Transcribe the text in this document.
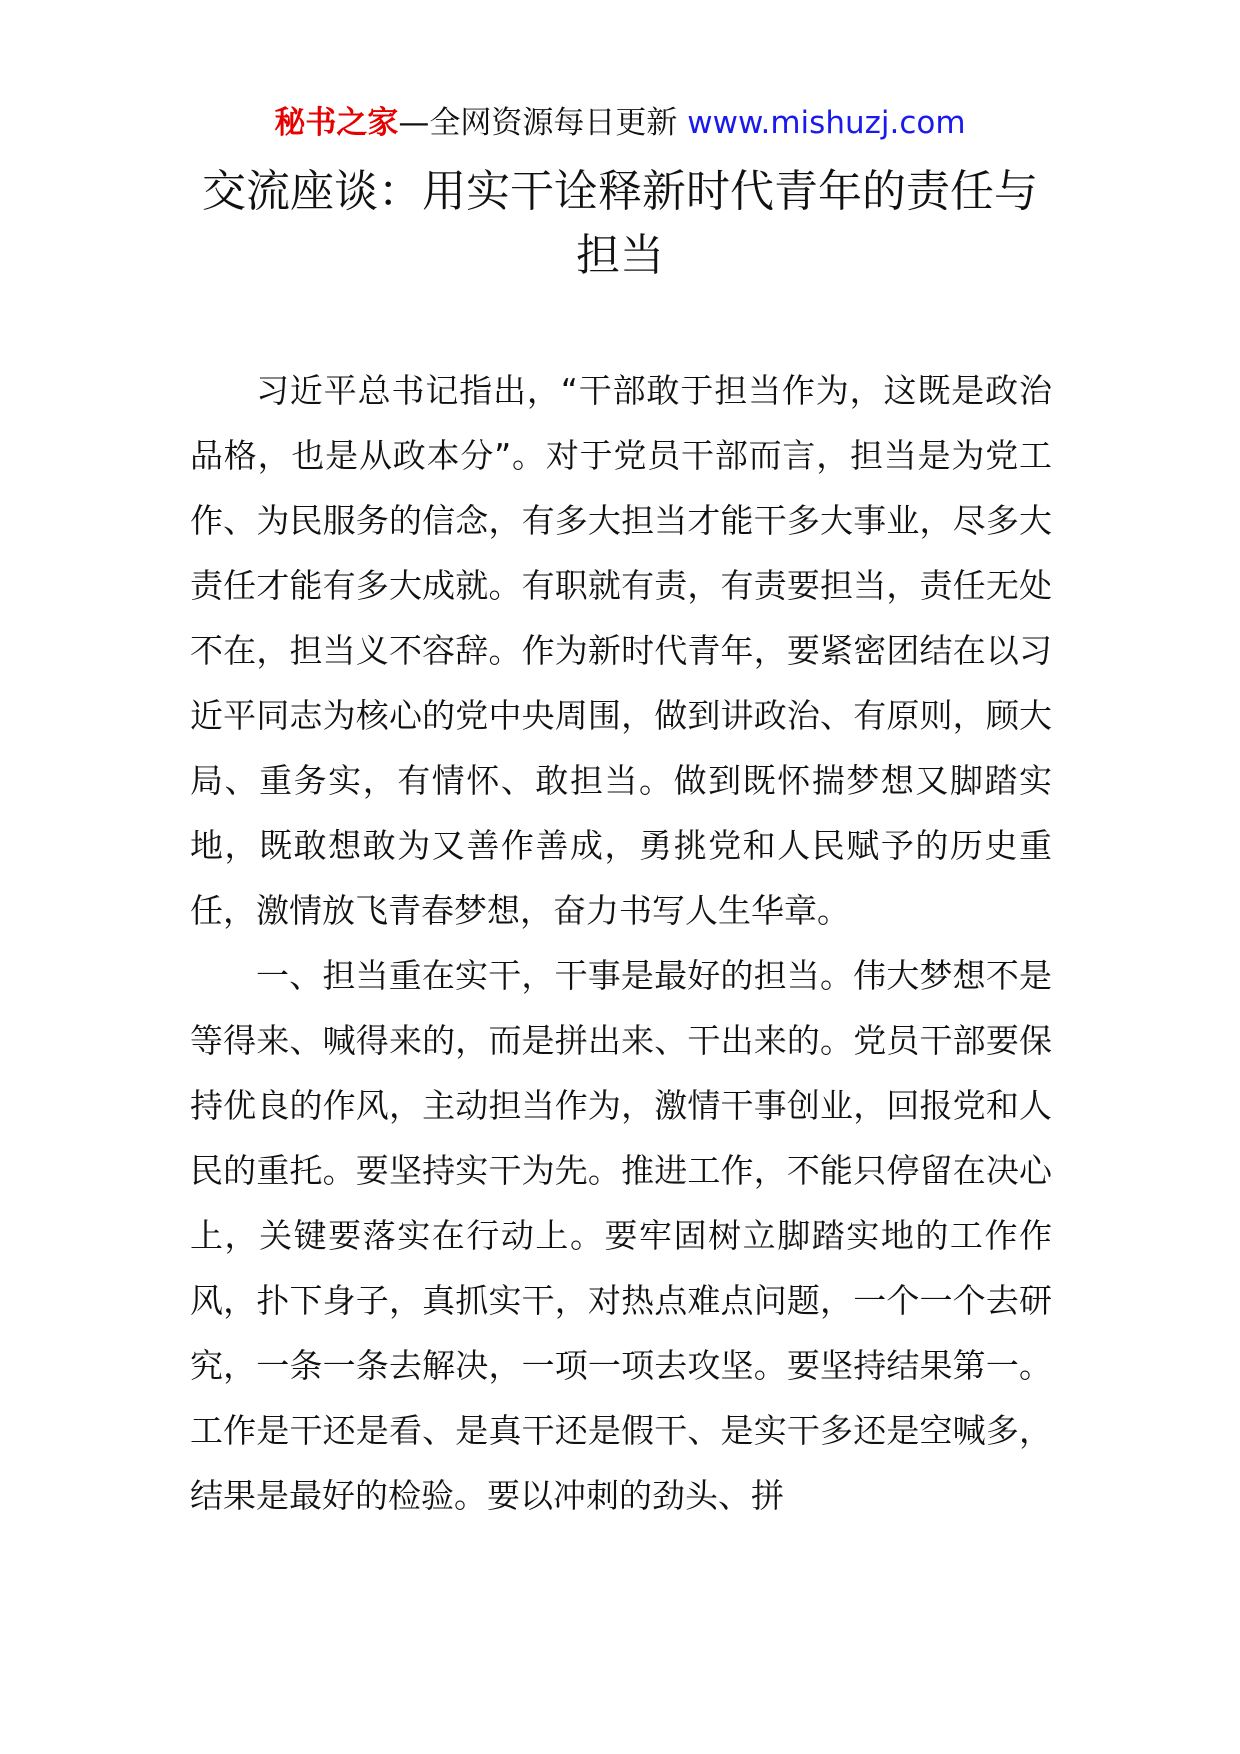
秘书之家—全网资源每日更新 www.mishuzj.com
交流座谈：用实干诠释新时代青年的责任与担当

习近平总书记指出，“干部敢于担当作为，这既是政治品格，也是从政本分”。对于党员干部而言，担当是为党工作、为民服务的信念，有多大担当才能干多大事业，尽多大责任才能有多大成就。有职就有责，有责要担当，责任无处不在，担当义不容辞。作为新时代青年，要紧密团结在以习近平同志为核心的党中央周围，做到讲政治、有原则，顾大局、重务实，有情怀、敢担当。做到既怀揣梦想又脚踏实地，既敢想敢为又善作善成，勇挑党和人民赋予的历史重任，激情放飞青春梦想，奋力书写人生华章。

一、担当重在实干，干事是最好的担当。伟大梦想不是等得来、喊得来的，而是拼出来、干出来的。党员干部要保持优良的作风，主动担当作为，激情干事创业，回报党和人民的重托。要坚持实干为先。推进工作，不能只停留在决心上，关键要落实在行动上。要牢固树立脚踏实地的工作作风，扑下身子，真抓实干，对热点难点问题，一个一个去研究，一条一条去解决，一项一项去攻坚。要坚持结果第一。工作是干还是看、是真干还是假干、是实干多还是空喊多，结果是最好的检验。要以冲刺的劲头、拼
